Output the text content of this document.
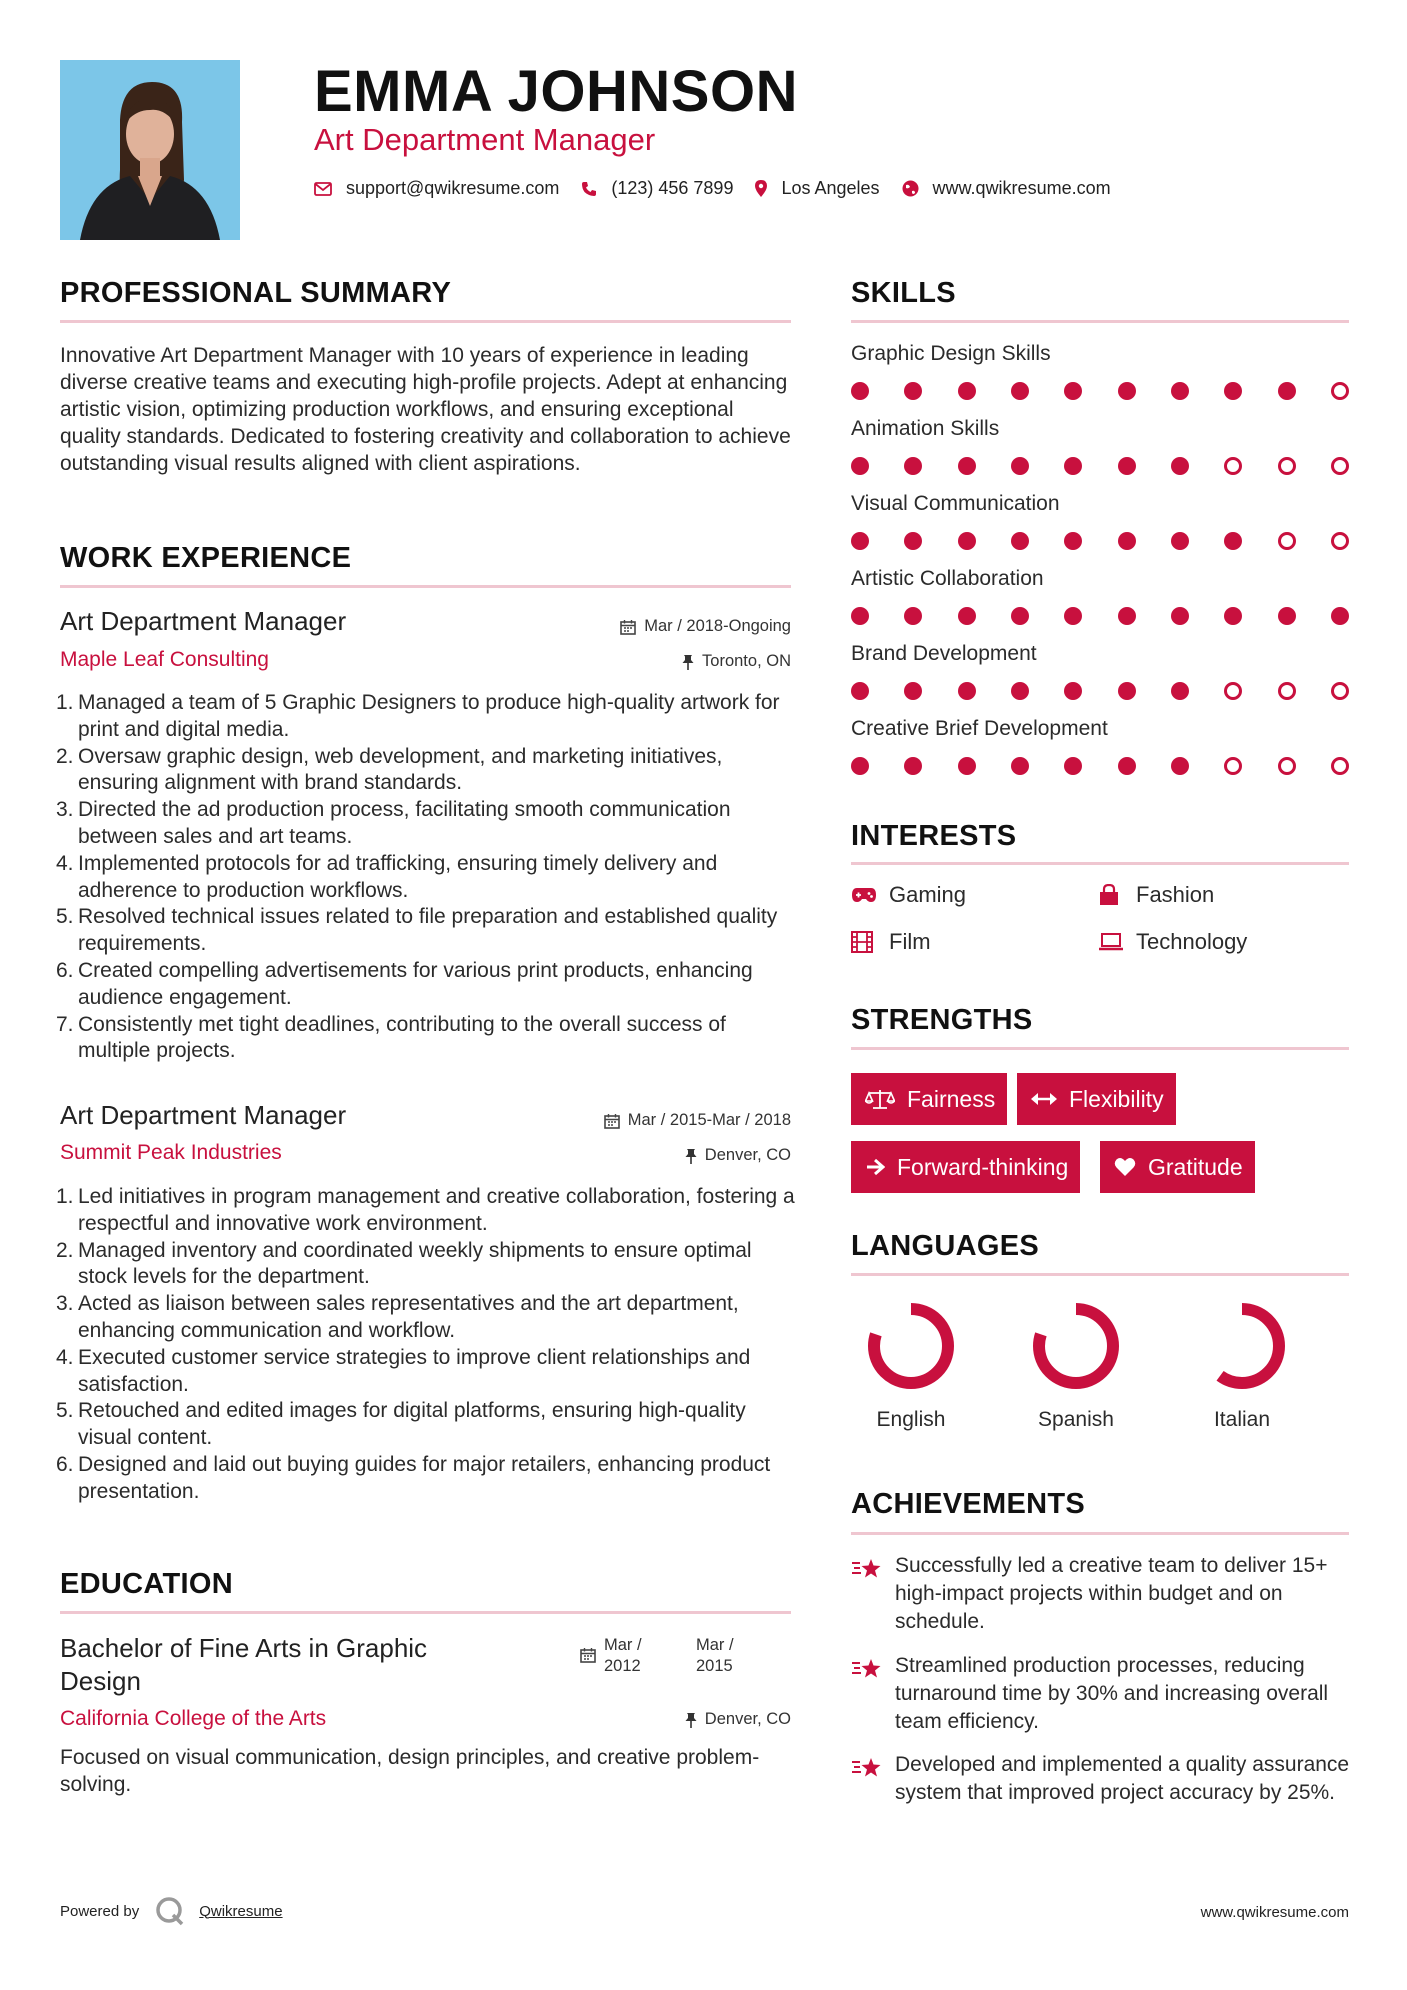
EMMA JOHNSON
Art Department Manager
support@qwikresume.com	(123) 456 7899	Los Angeles	www.qwikresume.com
PROFESSIONAL SUMMARY
Innovative Art Department Manager with 10 years of experience in leading diverse creative teams and executing high-profile projects. Adept at enhancing artistic vision, optimizing production workflows, and ensuring exceptional quality standards. Dedicated to fostering creativity and collaboration to achieve outstanding visual results aligned with client aspirations.
WORK EXPERIENCE
Art Department Manager	Mar / 2018-Ongoing
Maple Leaf Consulting	Toronto, ON
1. Managed a team of 5 Graphic Designers to produce high-quality artwork for print and digital media.
2. Oversaw graphic design, web development, and marketing initiatives, ensuring alignment with brand standards.
3. Directed the ad production process, facilitating smooth communication between sales and art teams.
4. Implemented protocols for ad trafficking, ensuring timely delivery and adherence to production workflows.
5. Resolved technical issues related to file preparation and established quality requirements.
6. Created compelling advertisements for various print products, enhancing audience engagement.
7. Consistently met tight deadlines, contributing to the overall success of multiple projects.
Art Department Manager	Mar / 2015-Mar / 2018
Summit Peak Industries	Denver, CO
1. Led initiatives in program management and creative collaboration, fostering a respectful and innovative work environment.
2. Managed inventory and coordinated weekly shipments to ensure optimal stock levels for the department.
3. Acted as liaison between sales representatives and the art department, enhancing communication and workflow.
4. Executed customer service strategies to improve client relationships and satisfaction.
5. Retouched and edited images for digital platforms, ensuring high-quality visual content.
6. Designed and laid out buying guides for major retailers, enhancing product presentation.
EDUCATION
Bachelor of Fine Arts in Graphic Design
Mar / 2012
Mar / 2015
California College of the Arts	Denver, CO
Focused on visual communication, design principles, and creative problem-solving.
SKILLS
Graphic Design Skills
Animation Skills
Visual Communication
Artistic Collaboration
Brand Development
Creative Brief Development
INTERESTS
Gaming	Fashion
Film	Technology
STRENGTHS
Fairness	Flexibility
Forward-thinking	Gratitude
LANGUAGES
English	Spanish	Italian
ACHIEVEMENTS
Successfully led a creative team to deliver 15+ high-impact projects within budget and on schedule.
Streamlined production processes, reducing turnaround time by 30% and increasing overall team efficiency.
Developed and implemented a quality assurance system that improved project accuracy by 25%.
Powered by	Qwikresume	www.qwikresume.com
